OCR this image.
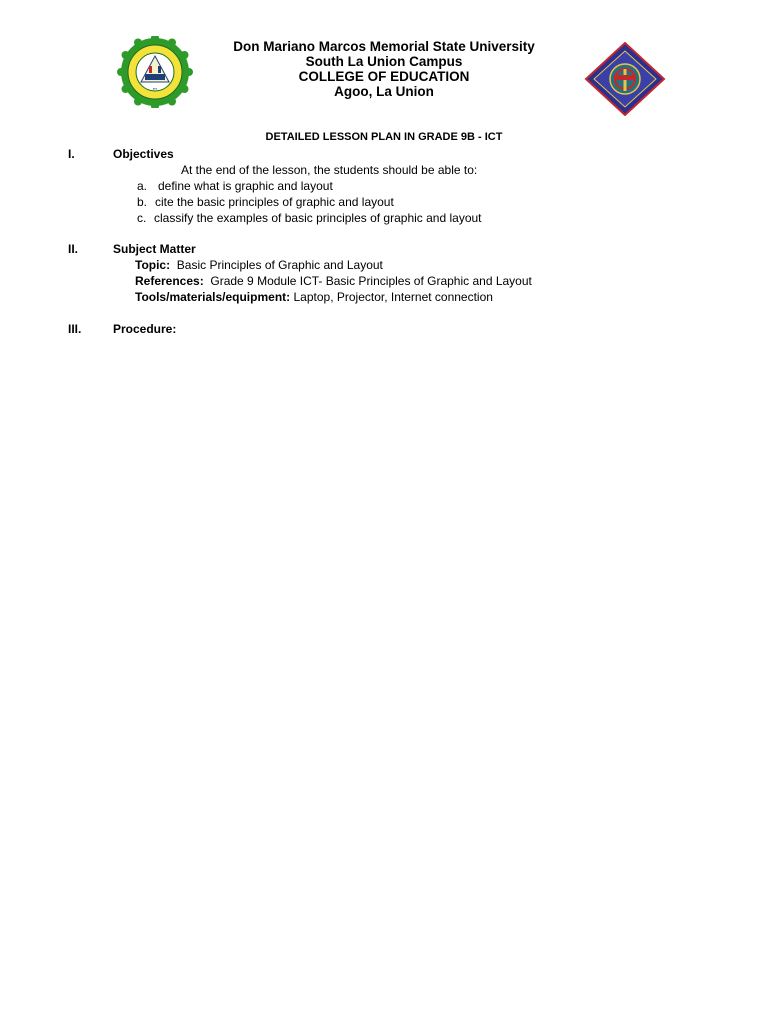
▪▪▪
Don Mariano Marcos Memorial State University
South La Union Campus
COLLEGE OF EDUCATION
Agoo, La Union
DETAILED LESSON PLAN IN GRADE 9B - ICT
I.	Objectives
At the end of the lesson, the students should be able to:
a. define what is graphic and layout
b. cite the basic principles of graphic and layout
c. classify the examples of basic principles of graphic and layout
II.	Subject Matter
Topic: Basic Principles of Graphic and Layout
References: Grade 9 Module ICT- Basic Principles of Graphic and Layout
Tools/materials/equipment: Laptop, Projector, Internet connection
III.	Procedure:
